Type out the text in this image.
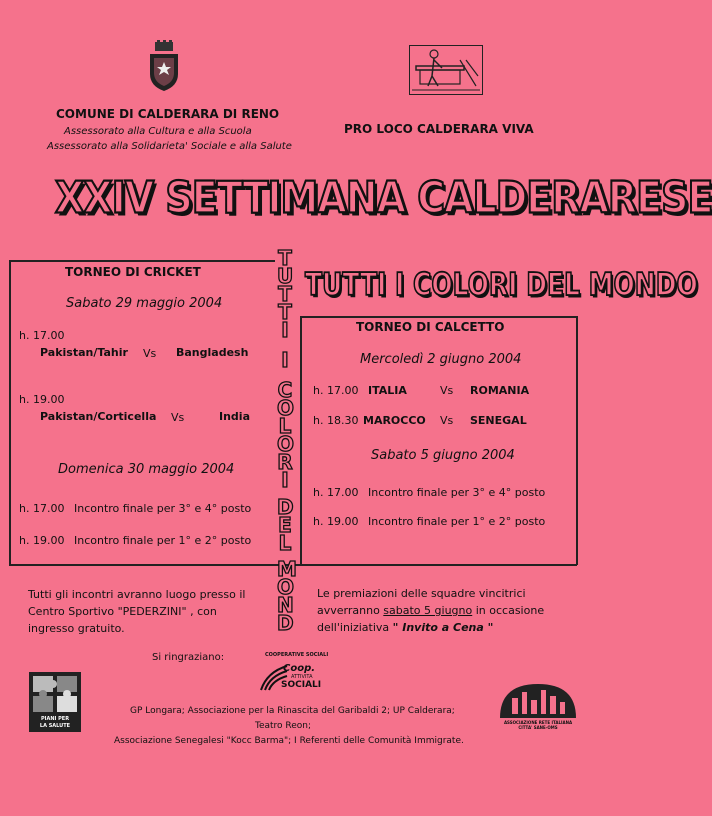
COMUNE DI CALDERARA DI RENO
Assessorato alla Cultura e alla Scuola
Assessorato alla Solidarieta' Sociale e alla Salute
PRO LOCO CALDERARA VIVA
XXIV SETTIMANA CALDERARESE
T
U
T
T
I
I
C
O
L
O
R
I
D
E
L
M
O
N
D
TUTTI I COLORI DEL MONDO
TORNEO DI CRICKET
Sabato 29 maggio 2004
h. 17.00
Pakistan/Tahir Vs Bangladesh
h. 19.00
Pakistan/Corticella Vs	India
Domenica 30 maggio 2004
h. 17.00 Incontro finale per 3° e 4° posto
h. 19.00 Incontro finale per 1° e 2° posto
TORNEO DI CALCETTO
Mercoledì 2 giugno 2004
h. 17.00 ITALIA	Vs ROMANIA
h. 18.30 MAROCCO Vs SENEGAL
Sabato 5 giugno 2004
h. 17.00 Incontro finale per 3° e 4° posto
h. 19.00 Incontro finale per 1° e 2° posto
Tutti gli incontri avranno luogo presso il
Centro Sportivo "PEDERZINI" , con
ingresso gratuito.
Le premiazioni delle squadre vincitrici
avverranno sabato 5 giugno in occasione
dell'iniziativa " Invito a Cena "
Si ringraziano:	COOPERATIVE SOCIALI
Coop.
ATTIVITA
SOCIALI
PIANI PER
LA SALUTE
GP Longara; Associazione per la Rinascita del Garibaldi 2; UP Calderara;
Teatro Reon;
Associazione Senegalesi "Kocc Barma"; I Referenti delle Comunità Immigrate.
ASSOCIAZIONE RETE ITALIANA CITTA' SANE-OMS
